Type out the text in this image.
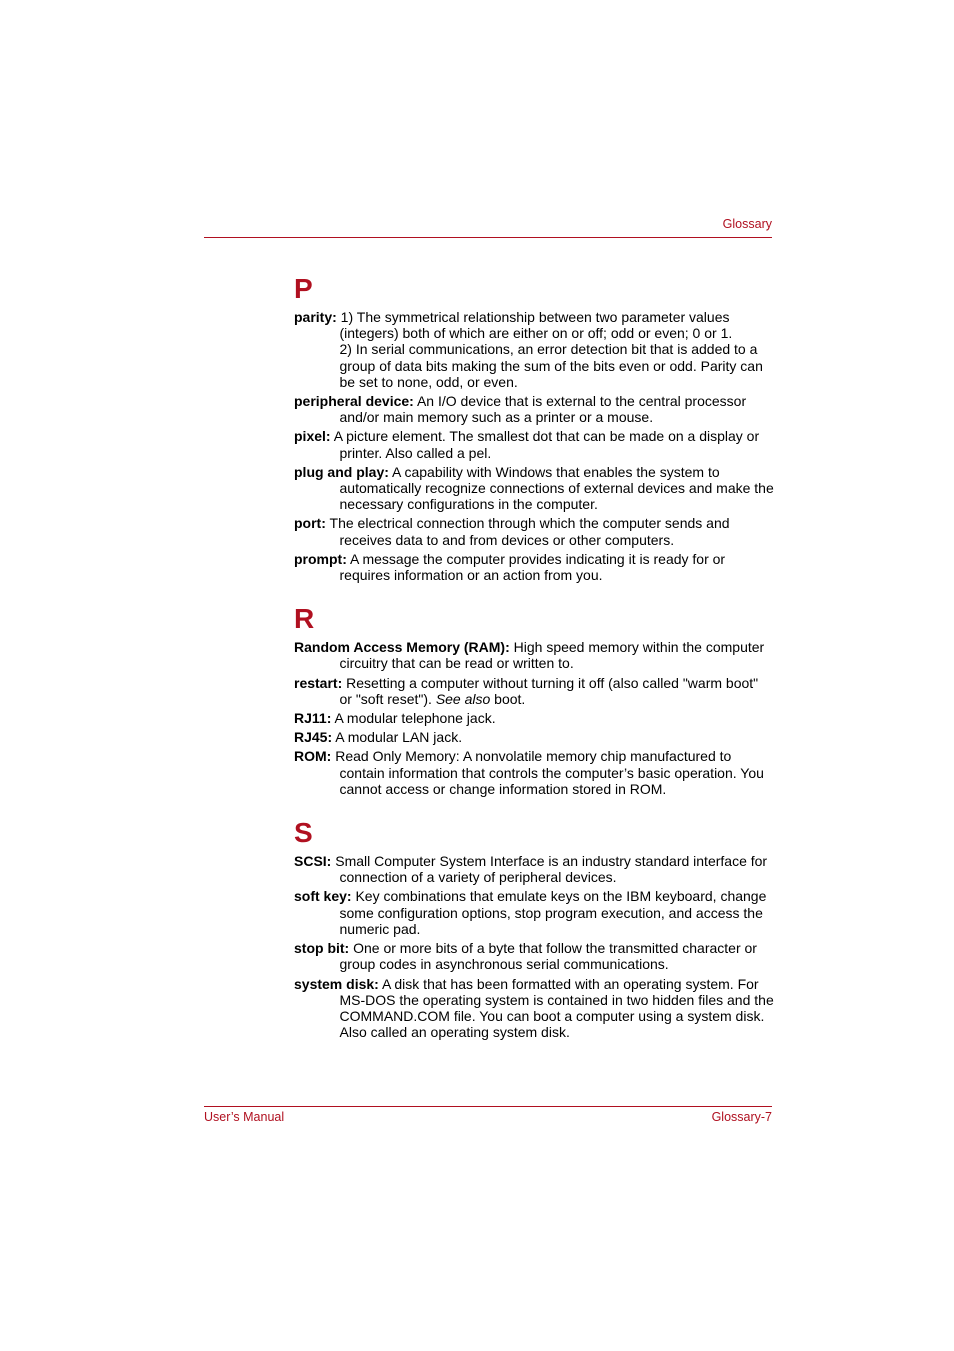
Glossary
P

parity: 1) The symmetrical relationship between two parameter values (integers) both of which are either on or off; odd or even; 0 or 1.
2) In serial communications, an error detection bit that is added to a group of data bits making the sum of the bits even or odd. Parity can be set to none, odd, or even.

peripheral device: An I/O device that is external to the central processor and/or main memory such as a printer or a mouse.

pixel: A picture element. The smallest dot that can be made on a display or printer. Also called a pel.

plug and play: A capability with Windows that enables the system to automatically recognize connections of external devices and make the necessary configurations in the computer.

port: The electrical connection through which the computer sends and receives data to and from devices or other computers.

prompt: A message the computer provides indicating it is ready for or requires information or an action from you.

R

Random Access Memory (RAM): High speed memory within the computer circuitry that can be read or written to.

restart: Resetting a computer without turning it off (also called "warm boot" or "soft reset"). See also boot.

RJ11: A modular telephone jack.

RJ45: A modular LAN jack.

ROM: Read Only Memory: A nonvolatile memory chip manufactured to contain information that controls the computer’s basic operation. You cannot access or change information stored in ROM.

S

SCSI: Small Computer System Interface is an industry standard interface for connection of a variety of peripheral devices.

soft key: Key combinations that emulate keys on the IBM keyboard, change some configuration options, stop program execution, and access the numeric pad.

stop bit: One or more bits of a byte that follow the transmitted character or group codes in asynchronous serial communications.

system disk: A disk that has been formatted with an operating system. For MS-DOS the operating system is contained in two hidden files and the COMMAND.COM file. You can boot a computer using a system disk. Also called an operating system disk.

User’s Manual	Glossary-7
